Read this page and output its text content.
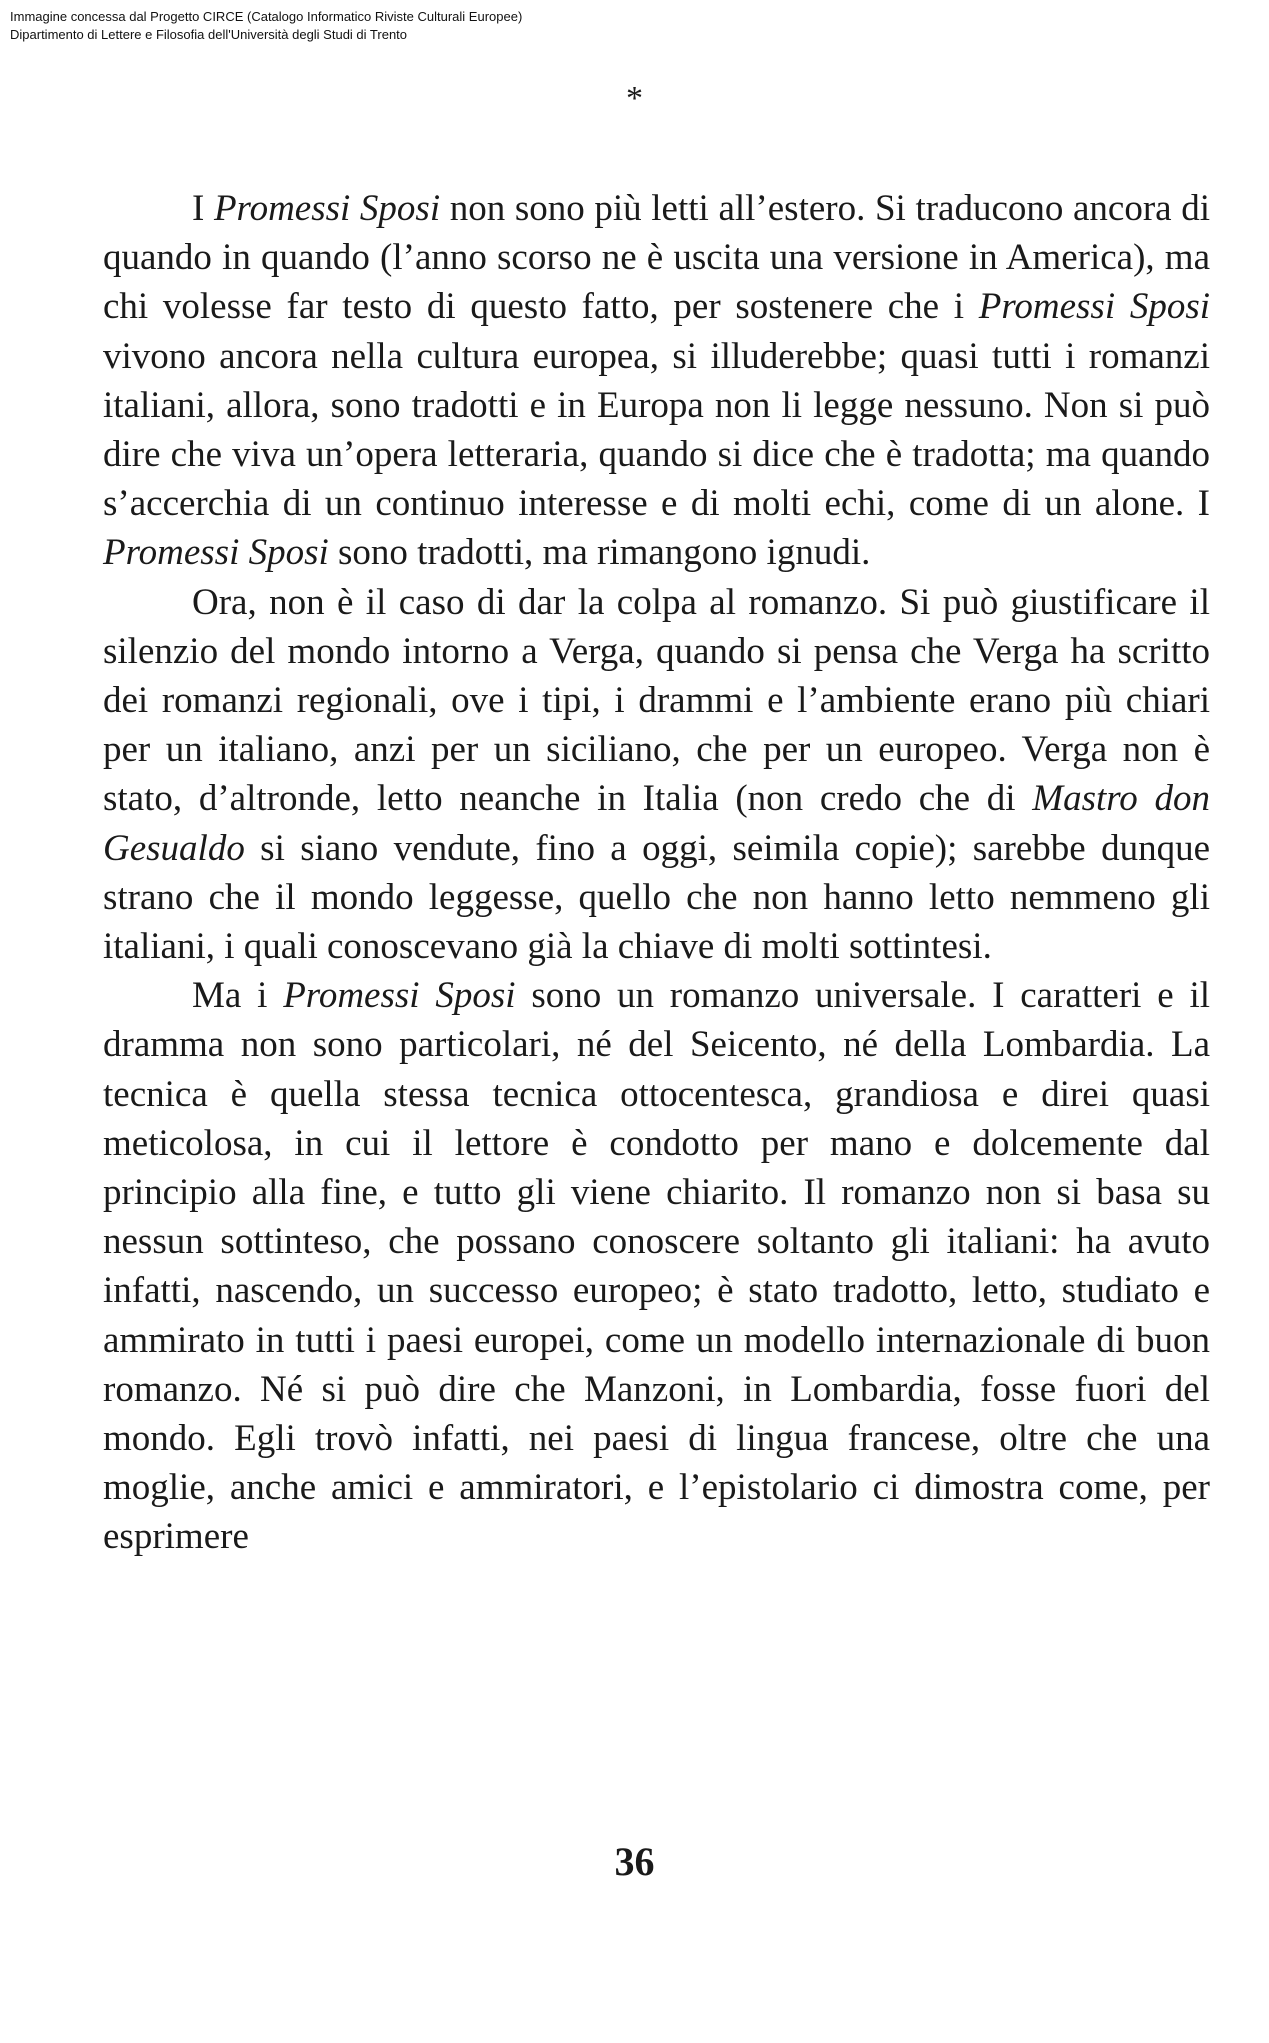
Immagine concessa dal Progetto CIRCE (Catalogo Informatico Riviste Culturali Europee)
Dipartimento di Lettere e Filosofia dell'Università degli Studi di Trento
*

I Promessi Sposi non sono più letti all’estero. Si traducono ancora di quando in quando (l’anno scorso ne è uscita una versione in America), ma chi volesse far testo di questo fatto, per sostenere che i Promessi Sposi vivono ancora nella cultura europea, si illuderebbe; quasi tutti i romanzi italiani, allora, sono tradotti e in Europa non li legge nessuno. Non si può dire che viva un’opera letteraria, quando si dice che è tradotta; ma quando s’accerchia di un continuo interesse e di molti echi, come di un alone. I Promessi Sposi sono tradotti, ma rimangono ignudi.

Ora, non è il caso di dar la colpa al romanzo. Si può giustificare il silenzio del mondo intorno a Verga, quando si pensa che Verga ha scritto dei romanzi regionali, ove i tipi, i drammi e l’ambiente erano più chiari per un italiano, anzi per un siciliano, che per un europeo. Verga non è stato, d’altronde, letto neanche in Italia (non credo che di Mastro don Gesualdo si siano vendute, fino a oggi, seimila copie); sarebbe dunque strano che il mondo leggesse, quello che non hanno letto nemmeno gli italiani, i quali conoscevano già la chiave di molti sottintesi.

Ma i Promessi Sposi sono un romanzo universale. I caratteri e il dramma non sono particolari, né del Seicento, né della Lombardia. La tecnica è quella stessa tecnica ottocentesca, grandiosa e direi quasi meticolosa, in cui il lettore è condotto per mano e dolcemente dal principio alla fine, e tutto gli viene chiarito. Il romanzo non si basa su nessun sottinteso, che possano conoscere soltanto gli italiani: ha avuto infatti, nascendo, un successo europeo; è stato tradotto, letto, studiato e ammirato in tutti i paesi europei, come un modello internazionale di buon romanzo. Né si può dire che Manzoni, in Lombardia, fosse fuori del mondo. Egli trovò infatti, nei paesi di lingua francese, oltre che una moglie, anche amici e ammiratori, e l’epistolario ci dimostra come, per esprimere

36
